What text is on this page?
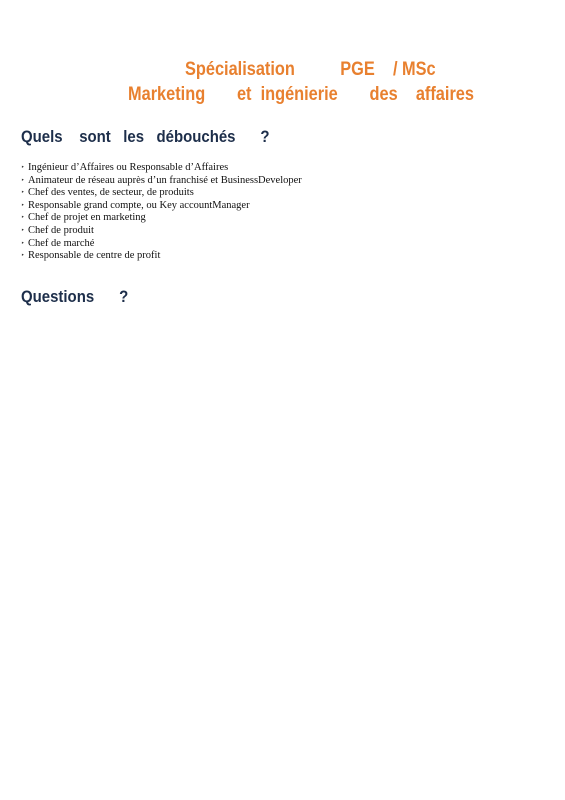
Spécialisation          PGE    / MSc
Marketing       et  ingénierie       des    affaires
Quels    sont   les   débouchés      ?
‣ Ingénieur d’Affaires ou Responsable d’Affaires
‣ Animateur de réseau auprès d’un franchisé et BusinessDeveloper
‣ Chef des ventes, de secteur, de produits
‣ Responsable grand compte, ou Key accountManager
‣ Chef de projet en marketing
‣ Chef de produit
‣ Chef de marché
‣ Responsable de centre de profit
Questions      ?
